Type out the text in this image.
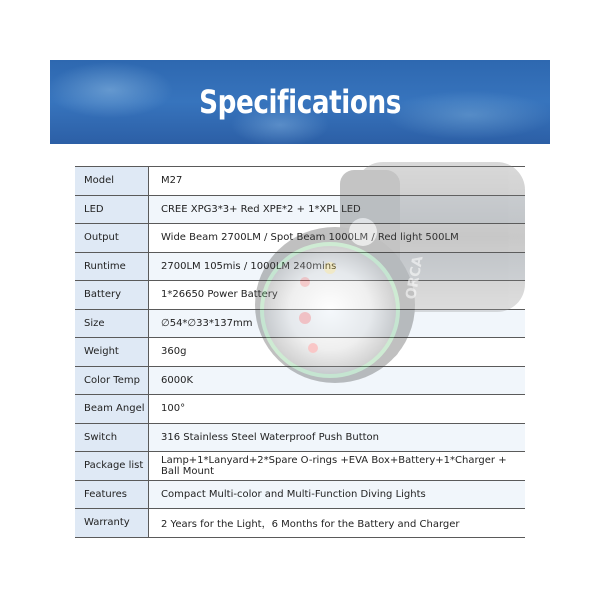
Specifications
Model	M27
LED	CREE XPG3*3+ Red XPE*2 + 1*XPL LED
Output	Wide Beam 2700LM / Spot Beam 1000LM / Red light 500LM
Runtime	2700LM 105mis / 1000LM 240mins
Battery	1*26650 Power Battery
Size	∅54*∅33*137mm
Weight	360g
Color Temp	6000K
Beam Angel	100°
Switch	316 Stainless Steel Waterproof Push Button
Package list	Lamp+1*Lanyard+2*Spare O-rings +EVA Box+Battery+1*Charger + Ball Mount
Features	Compact Multi-color and Multi-Function Diving Lights
Warranty	2 Years for the Light，6 Months for the Battery and Charger
ORCA
